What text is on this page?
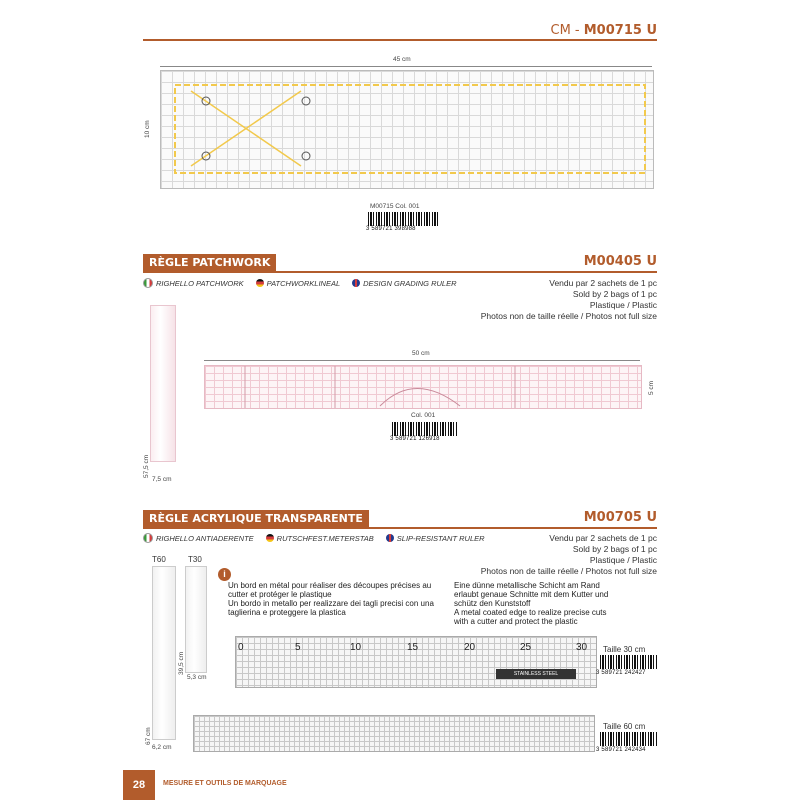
CM - M00715 U
45 cm
10 cm
M00715 Col. 001
3 589721 398988
RÈGLE PATCHWORK	M00405 U
RIGHELLO PATCHWORK	PATCHWORKLINEAL	DESIGN GRADING RULER	Vendu par 2 sachets de 1 pc
Sold by 2 bags of 1 pc
Plastique / Plastic
Photos non de taille réelle / Photos not full size
57,5 cm
7,5 cm
50 cm
5 cm
Col. 001
3 589721 126918
RÈGLE ACRYLIQUE TRANSPARENTE	M00705 U
RIGHELLO ANTIADERENTE	RUTSCHFEST.METERSTAB	SLIP-RESISTANT RULER	Vendu par 2 sachets de 1 pc
Sold by 2 bags of 1 pc
Plastique / Plastic
Photos non de taille réelle / Photos not full size
T60	T30
39,5 cm
5,3 cm
67 cm
6,2 cm
i
Un bord en métal pour réaliser des découpes précises au cutter et protéger le plastique
Un bordo in metallo per realizzare dei tagli precisi con una taglierina e proteggere la plastica
Eine dünne metallische Schicht am Rand erlaubt genaue Schnitte mit dem Kutter und schütz den Kunststoff
A metal coated edge to realize precise cuts with a cutter and protect the plastic
STAINLESS STEEL
0	5	10	15	20	25	30 Taille 30 cm
3 589721 242427
Taille 60 cm
3 589721 242434
28	MESURE ET OUTILS DE MARQUAGE
